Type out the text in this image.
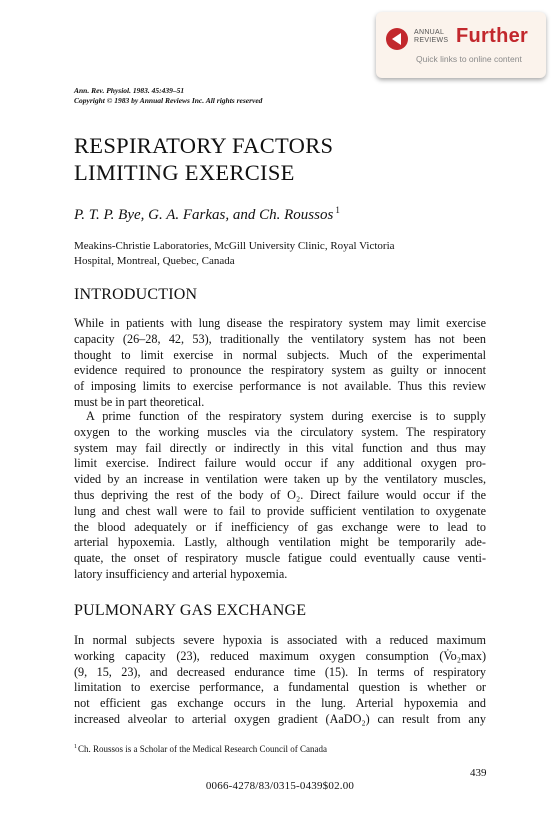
ANNUAL
REVIEWS Further
Quick links to online content
Ann. Rev. Physiol. 1983. 45:439–51
Copyright © 1983 by Annual Reviews Inc. All rights reserved
RESPIRATORY FACTORS
LIMITING EXERCISE
P. T. P. Bye, G. A. Farkas, and Ch. Roussos $^1$
Meakins-Christie Laboratories, McGill University Clinic, Royal Victoria
Hospital, Montreal, Quebec, Canada
INTRODUCTION
While in patients with lung disease the respiratory system may limit exercise
capacity (26–28, 42, 53), traditionally the ventilatory system has not been
thought to limit exercise in normal subjects. Much of the experimental
evidence required to pronounce the respiratory system as guilty or innocent
of imposing limits to exercise performance is not available. Thus this review
must be in part theoretical.
A prime function of the respiratory system during exercise is to supply
oxygen to the working muscles via the circulatory system. The respiratory
system may fail directly or indirectly in this vital function and thus may
limit exercise. Indirect failure would occur if any additional oxygen pro-
vided by an increase in ventilation were taken up by the ventilatory muscles,
thus depriving the rest of the body of O₂. Direct failure would occur if the
lung and chest wall were to fail to provide sufficient ventilation to oxygenate
the blood adequately or if inefficiency of gas exchange were to lead to
arterial hypoxemia. Lastly, although ventilation might be temporarily ade-
quate, the onset of respiratory muscle fatigue could eventually cause venti-
latory insufficiency and arterial hypoxemia.
PULMONARY GAS EXCHANGE
In normal subjects severe hypoxia is associated with a reduced maximum
working capacity (23), reduced maximum oxygen consumption (V̇o₂max)
(9, 15, 23), and decreased endurance time (15). In terms of respiratory
limitation to exercise performance, a fundamental question is whether or
not efficient gas exchange occurs in the lung. Arterial hypoxemia and
increased alveolar to arterial oxygen gradient (AaDO₂) can result from any
$^1$Ch. Roussos is a Scholar of the Medical Research Council of Canada
439
0066-4278/83/0315-0439$02.00
